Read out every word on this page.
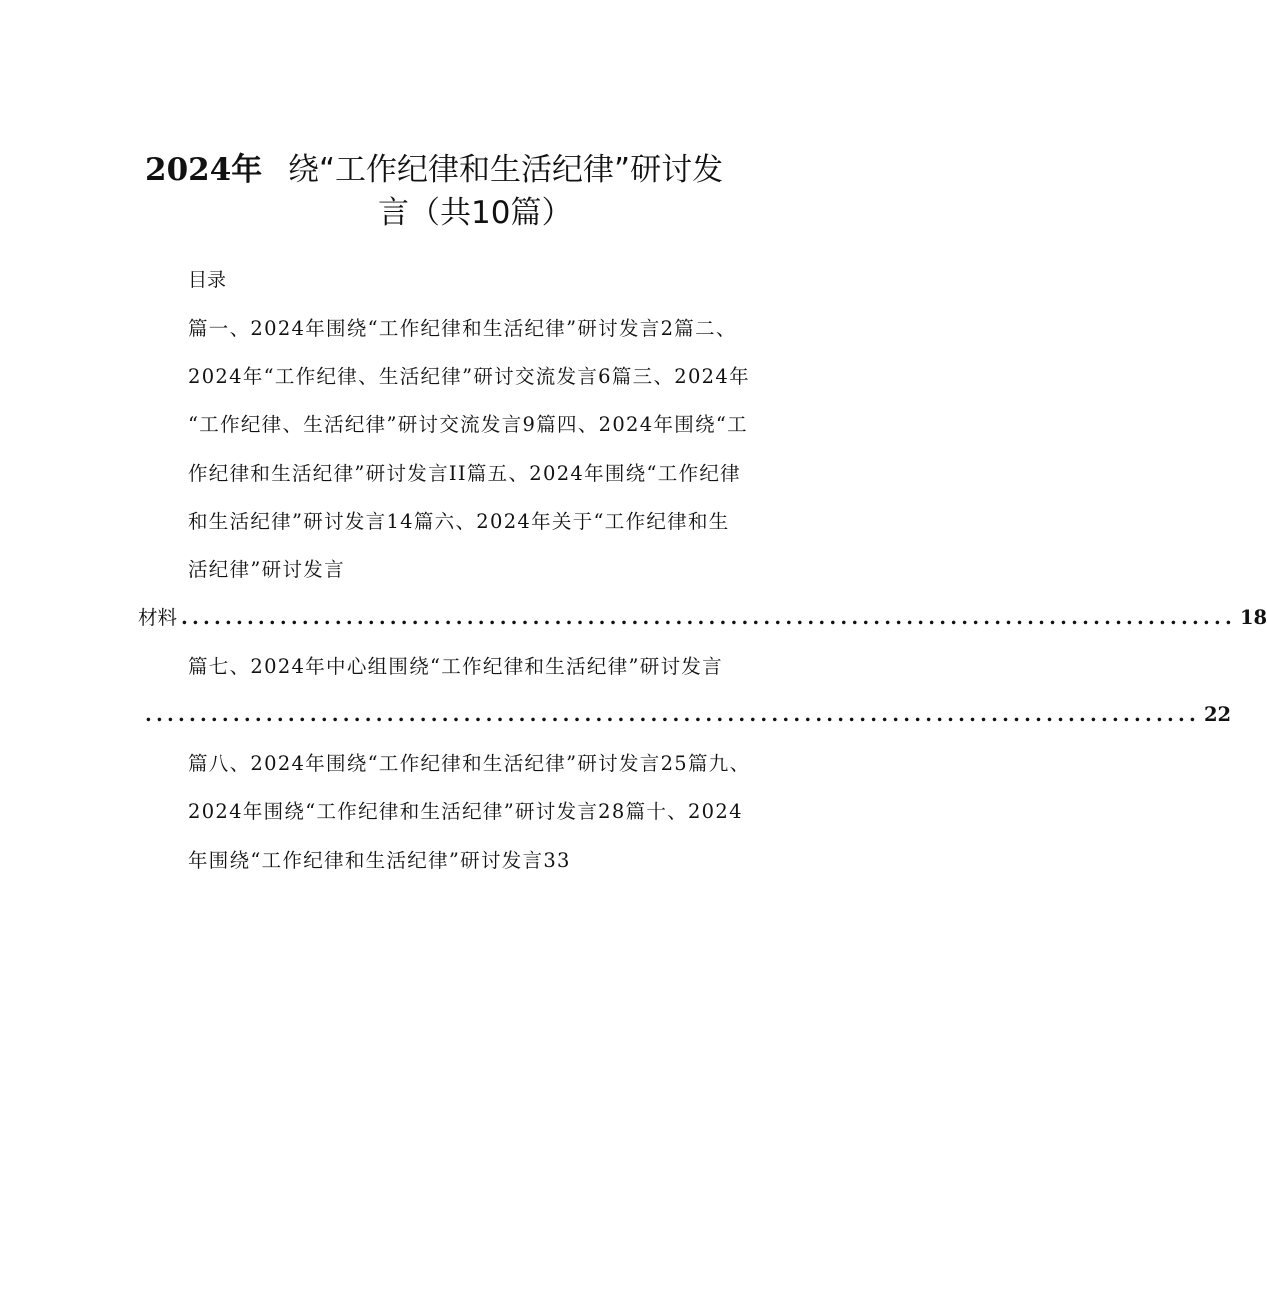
2024年 绕“工作纪律和生活纪律”研讨发
言（共10篇）
目录
篇一、2024年围绕“工作纪律和生活纪律”研讨发言2篇二、
2024年“工作纪律、生活纪律”研讨交流发言6篇三、2024年
“工作纪律、生活纪律”研讨交流发言9篇四、2024年围绕“工
作纪律和生活纪律”研讨发言II篇五、2024年围绕“工作纪律
和生活纪律”研讨发言14篇六、2024年关于“工作纪律和生
活纪律”研讨发言
材料 ................................................................................................ 18
篇七、2024年中心组围绕“工作纪律和生活纪律”研讨发言
................................................................................................ 22
篇八、2024年围绕“工作纪律和生活纪律”研讨发言25篇九、
2024年围绕“工作纪律和生活纪律”研讨发言28篇十、2024
年围绕“工作纪律和生活纪律”研讨发言33
